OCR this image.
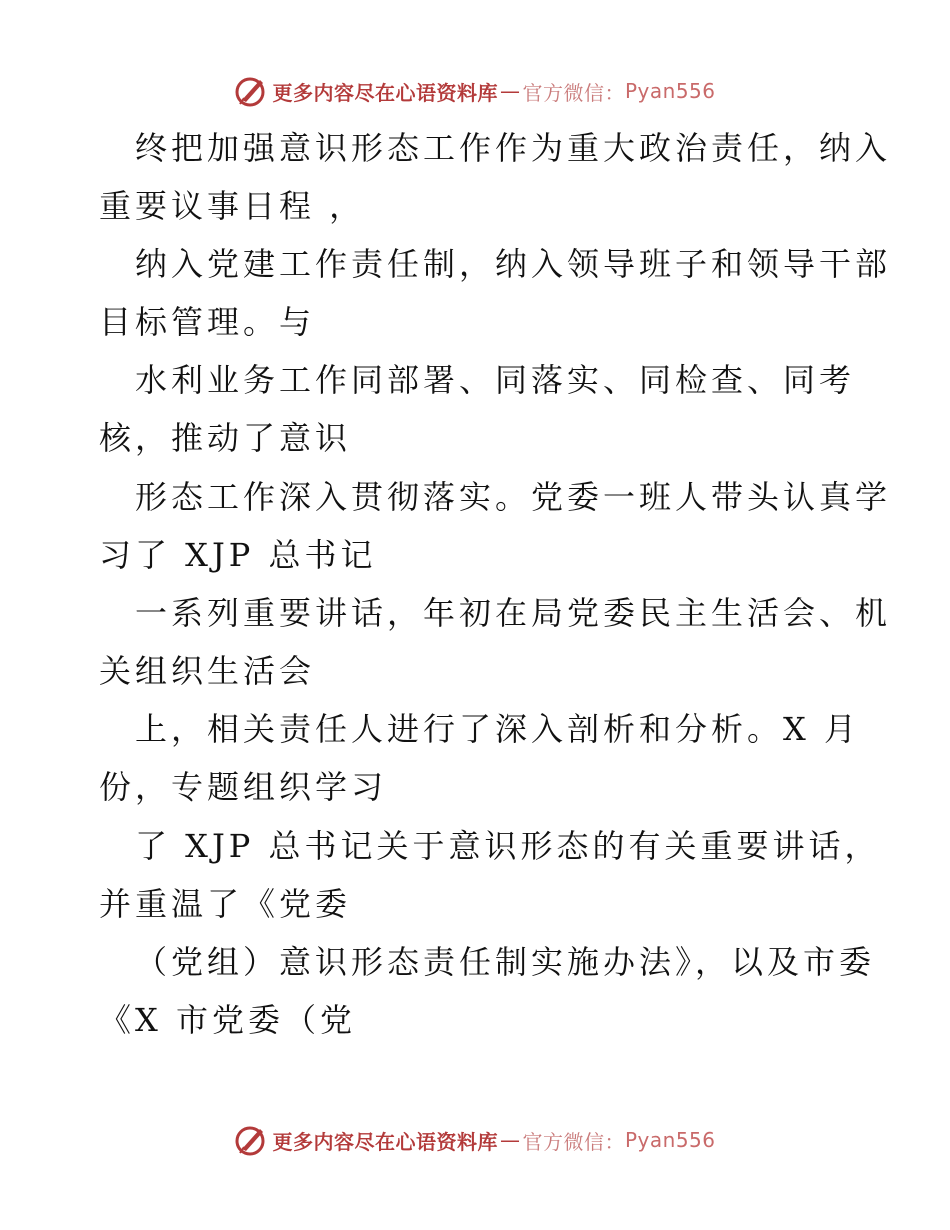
更多内容尽在心语资料库 — 官方微信： Pyan556
终把加强意识形态工作作为重大政治责任，纳入
重要议事日程 ，
纳入党建工作责任制，纳入领导班子和领导干部
目标管理。与
水利业务工作同部署、同落实、同检查、同考
核，推动了意识
形态工作深入贯彻落实。党委一班人带头认真学
习了 XJP 总书记
一系列重要讲话，年初在局党委民主生活会、机
关组织生活会
上，相关责任人进行了深入剖析和分析。X 月
份，专题组织学习
了 XJP 总书记关于意识形态的有关重要讲话，
并重温了《党委
（党组）意识形态责任制实施办法》，以及市委
《X 市党委（党
更多内容尽在心语资料库 — 官方微信： Pyan556
